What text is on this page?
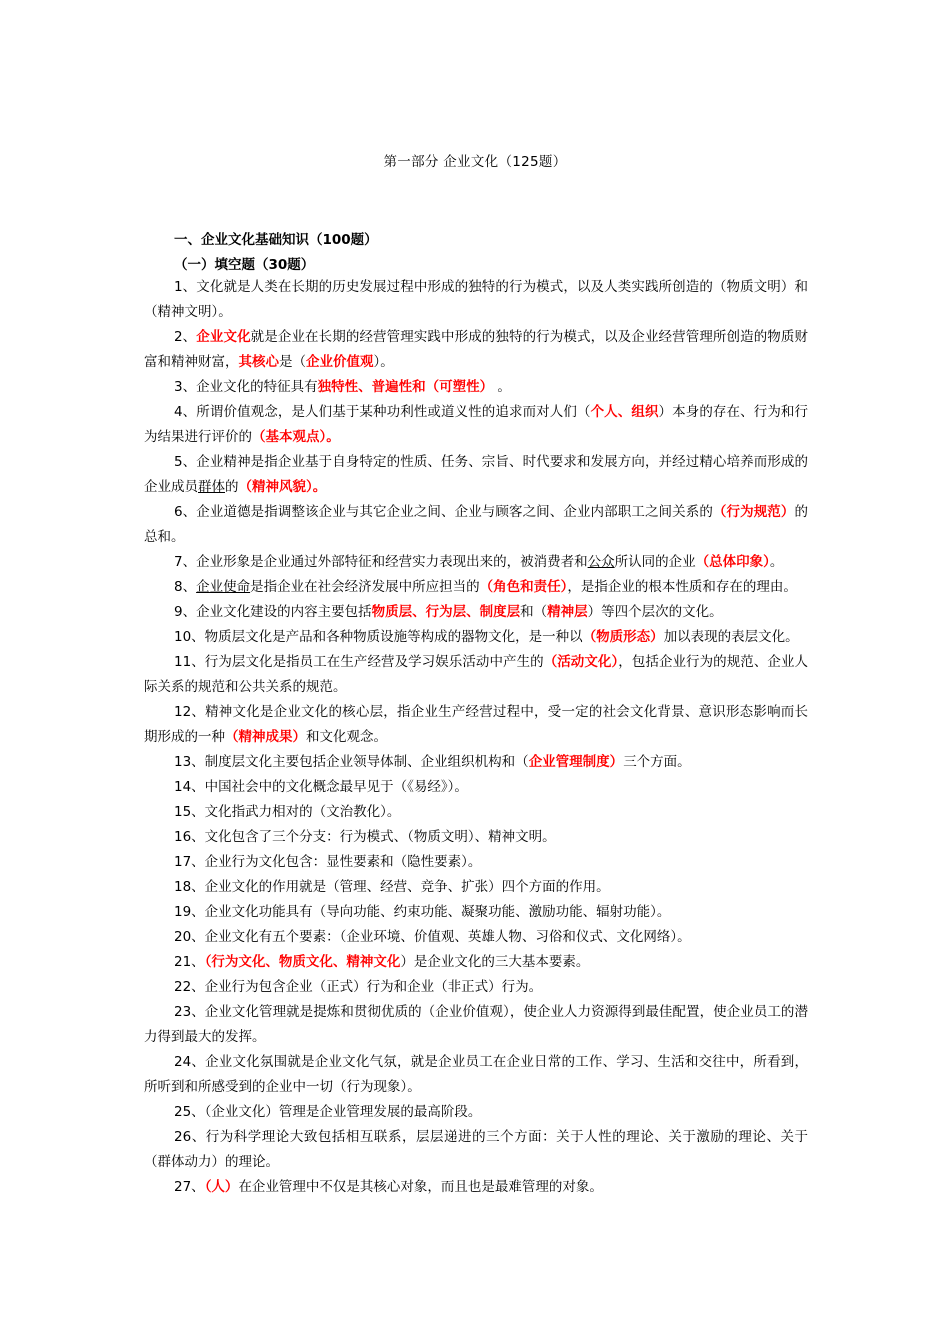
第一部分 企业文化（125题）
一、企业文化基础知识（100题）
（一）填空题（30题）

1、文化就是人类在长期的历史发展过程中形成的独特的行为模式，以及人类实践所创造的（物质文明）和（精神文明）。

2、企业文化就是企业在长期的经营管理实践中形成的独特的行为模式，以及企业经营管理所创造的物质财富和精神财富，其核心是（企业价值观）。

3、企业文化的特征具有独特性、普遍性和（可塑性） 。

4、所谓价值观念，是人们基于某种功利性或道义性的追求而对人们（个人、组织）本身的存在、行为和行为结果进行评价的（基本观点）。

5、企业精神是指企业基于自身特定的性质、任务、宗旨、时代要求和发展方向，并经过精心培养而形成的企业成员群体的（精神风貌）。

6、企业道德是指调整该企业与其它企业之间、企业与顾客之间、企业内部职工之间关系的（行为规范）的总和。

7、企业形象是企业通过外部特征和经营实力表现出来的，被消费者和公众所认同的企业（总体印象）。

8、企业使命是指企业在社会经济发展中所应担当的（角色和责任），是指企业的根本性质和存在的理由。

9、企业文化建设的内容主要包括物质层、行为层、制度层和（精神层）等四个层次的文化。

10、物质层文化是产品和各种物质设施等构成的器物文化，是一种以（物质形态）加以表现的表层文化。

11、行为层文化是指员工在生产经营及学习娱乐活动中产生的（活动文化），包括企业行为的规范、企业人际关系的规范和公共关系的规范。

12、精神文化是企业文化的核心层，指企业生产经营过程中，受一定的社会文化背景、意识形态影响而长期形成的一种（精神成果）和文化观念。

13、制度层文化主要包括企业领导体制、企业组织机构和（企业管理制度）三个方面。

14、中国社会中的文化概念最早见于（《易经》）。

15、文化指武力相对的（文治教化）。

16、文化包含了三个分支：行为模式、（物质文明）、精神文明。

17、企业行为文化包含：显性要素和（隐性要素）。

18、企业文化的作用就是（管理、经营、竞争、扩张）四个方面的作用。

19、企业文化功能具有（导向功能、约束功能、凝聚功能、激励功能、辐射功能）。

20、企业文化有五个要素：（企业环境、价值观、英雄人物、习俗和仪式、文化网络）。

21、（行为文化、物质文化、精神文化）是企业文化的三大基本要素。

22、企业行为包含企业（正式）行为和企业（非正式）行为。

23、企业文化管理就是提炼和贯彻优质的（企业价值观），使企业人力资源得到最佳配置，使企业员工的潜力得到最大的发挥。

24、企业文化氛围就是企业文化气氛，就是企业员工在企业日常的工作、学习、生活和交往中，所看到，所听到和所感受到的企业中一切（行为现象）。

25、（企业文化）管理是企业管理发展的最高阶段。

26、行为科学理论大致包括相互联系，层层递进的三个方面：关于人性的理论、关于激励的理论、关于（群体动力）的理论。

27、（人）在企业管理中不仅是其核心对象，而且也是最难管理的对象。
